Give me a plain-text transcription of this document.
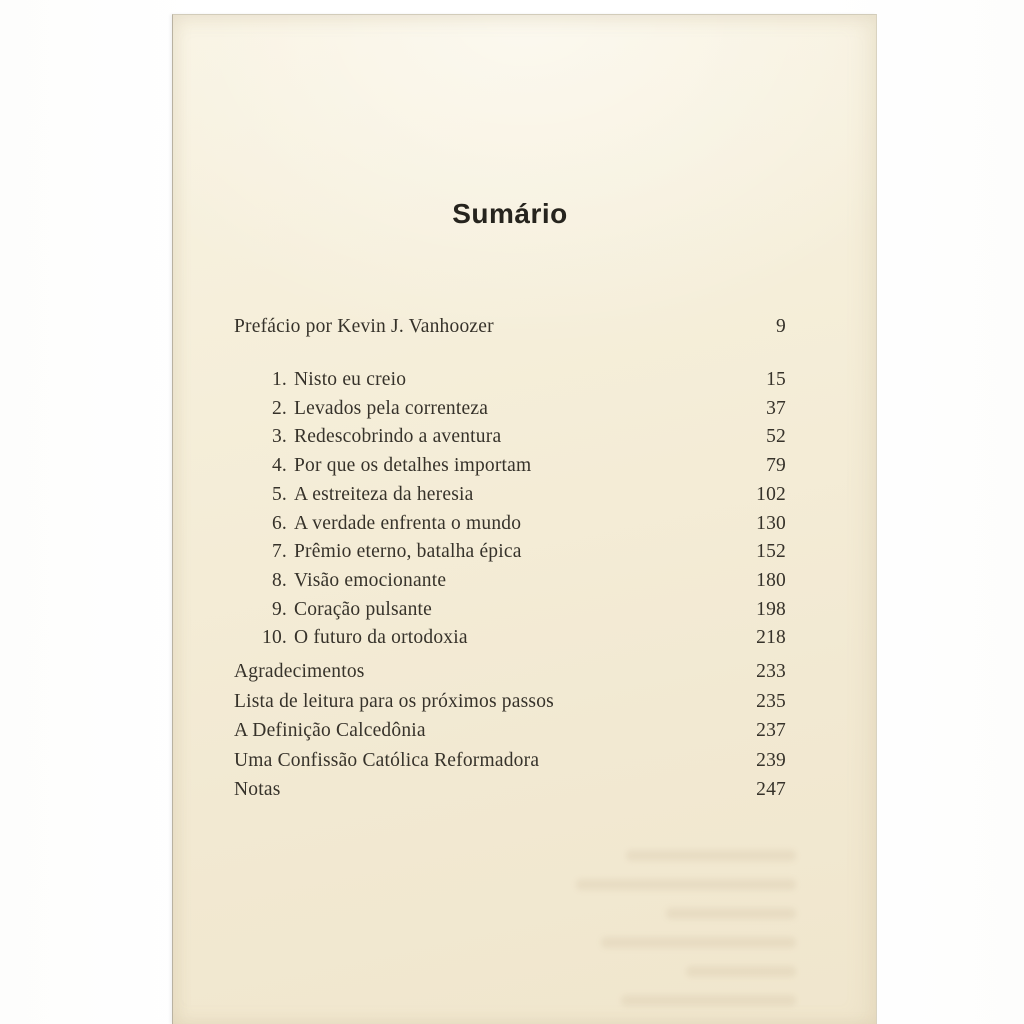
Sumário
Prefácio por Kevin J. Vanhoozer	9
1. Nisto eu creio	15
2. Levados pela correnteza	37
3. Redescobrindo a aventura	52
4. Por que os detalhes importam	79
5. A estreiteza da heresia	102
6. A verdade enfrenta o mundo	130
7. Prêmio eterno, batalha épica	152
8. Visão emocionante	180
9. Coração pulsante	198
10. O futuro da ortodoxia	218
Agradecimentos	233
Lista de leitura para os próximos passos	235
A Definição Calcedônia	237
Uma Confissão Católica Reformadora	239
Notas	247
